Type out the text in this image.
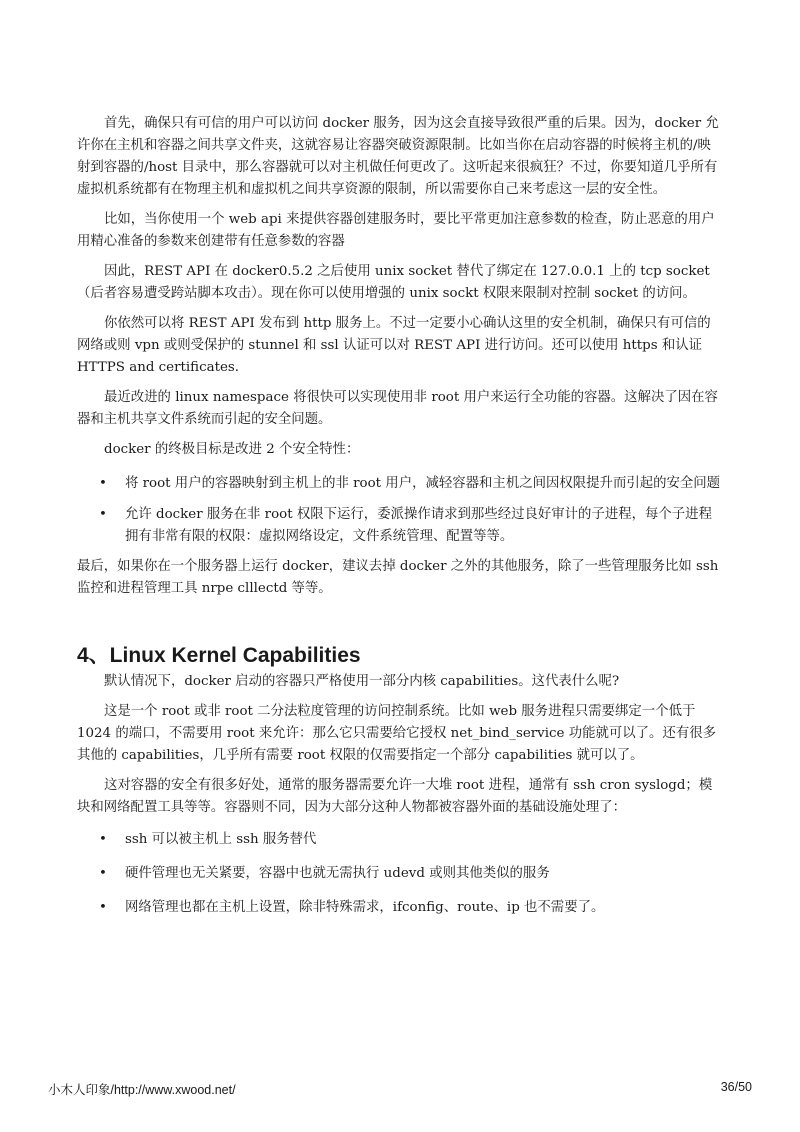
首先，确保只有可信的用户可以访问 docker 服务，因为这会直接导致很严重的后果。因为，docker 允许你在主机和容器之间共享文件夹，这就容易让容器突破资源限制。比如当你在启动容器的时候将主机的/映射到容器的/host 目录中，那么容器就可以对主机做任何更改了。这听起来很疯狂？不过，你要知道几乎所有虚拟机系统都有在物理主机和虚拟机之间共享资源的限制，所以需要你自己来考虑这一层的安全性。

比如，当你使用一个 web api 来提供容器创建服务时，要比平常更加注意参数的检查，防止恶意的用户用精心准备的参数来创建带有任意参数的容器

因此，REST API 在 docker0.5.2 之后使用 unix socket 替代了绑定在 127.0.0.1 上的 tcp socket（后者容易遭受跨站脚本攻击）。现在你可以使用增强的 unix sockt 权限来限制对控制 socket 的访问。

你依然可以将 REST API 发布到 http 服务上。不过一定要小心确认这里的安全机制，确保只有可信的网络或则 vpn 或则受保护的 stunnel 和 ssl 认证可以对 REST API 进行访问。还可以使用 https 和认证 HTTPS and certificates.

最近改进的 linux namespace 将很快可以实现使用非 root 用户来运行全功能的容器。这解决了因在容器和主机共享文件系统而引起的安全问题。

docker 的终极目标是改进 2 个安全特性：

• 将 root 用户的容器映射到主机上的非 root 用户，减轻容器和主机之间因权限提升而引起的安全问题
• 允许 docker 服务在非 root 权限下运行，委派操作请求到那些经过良好审计的子进程，每个子进程拥有非常有限的权限：虚拟网络设定，文件系统管理、配置等等。

最后，如果你在一个服务器上运行 docker，建议去掉 docker 之外的其他服务，除了一些管理服务比如 ssh 监控和进程管理工具 nrpe clllectd 等等。

4、Linux Kernel Capabilities

默认情况下，docker 启动的容器只严格使用一部分内核 capabilities。这代表什么呢?

这是一个 root 或非 root 二分法粒度管理的访问控制系统。比如 web 服务进程只需要绑定一个低于 1024 的端口，不需要用 root 来允许：那么它只需要给它授权 net_bind_service 功能就可以了。还有很多其他的 capabilities，几乎所有需要 root 权限的仅需要指定一个部分 capabilities 就可以了。

这对容器的安全有很多好处，通常的服务器需要允许一大堆 root 进程，通常有 ssh cron syslogd；模块和网络配置工具等等。容器则不同，因为大部分这种人物都被容器外面的基础设施处理了：

• ssh 可以被主机上 ssh 服务替代
• 硬件管理也无关紧要，容器中也就无需执行 udevd 或则其他类似的服务
• 网络管理也都在主机上设置，除非特殊需求，ifconfig、route、ip 也不需要了。
小木人印象/http://www.xwood.net/	36/50
